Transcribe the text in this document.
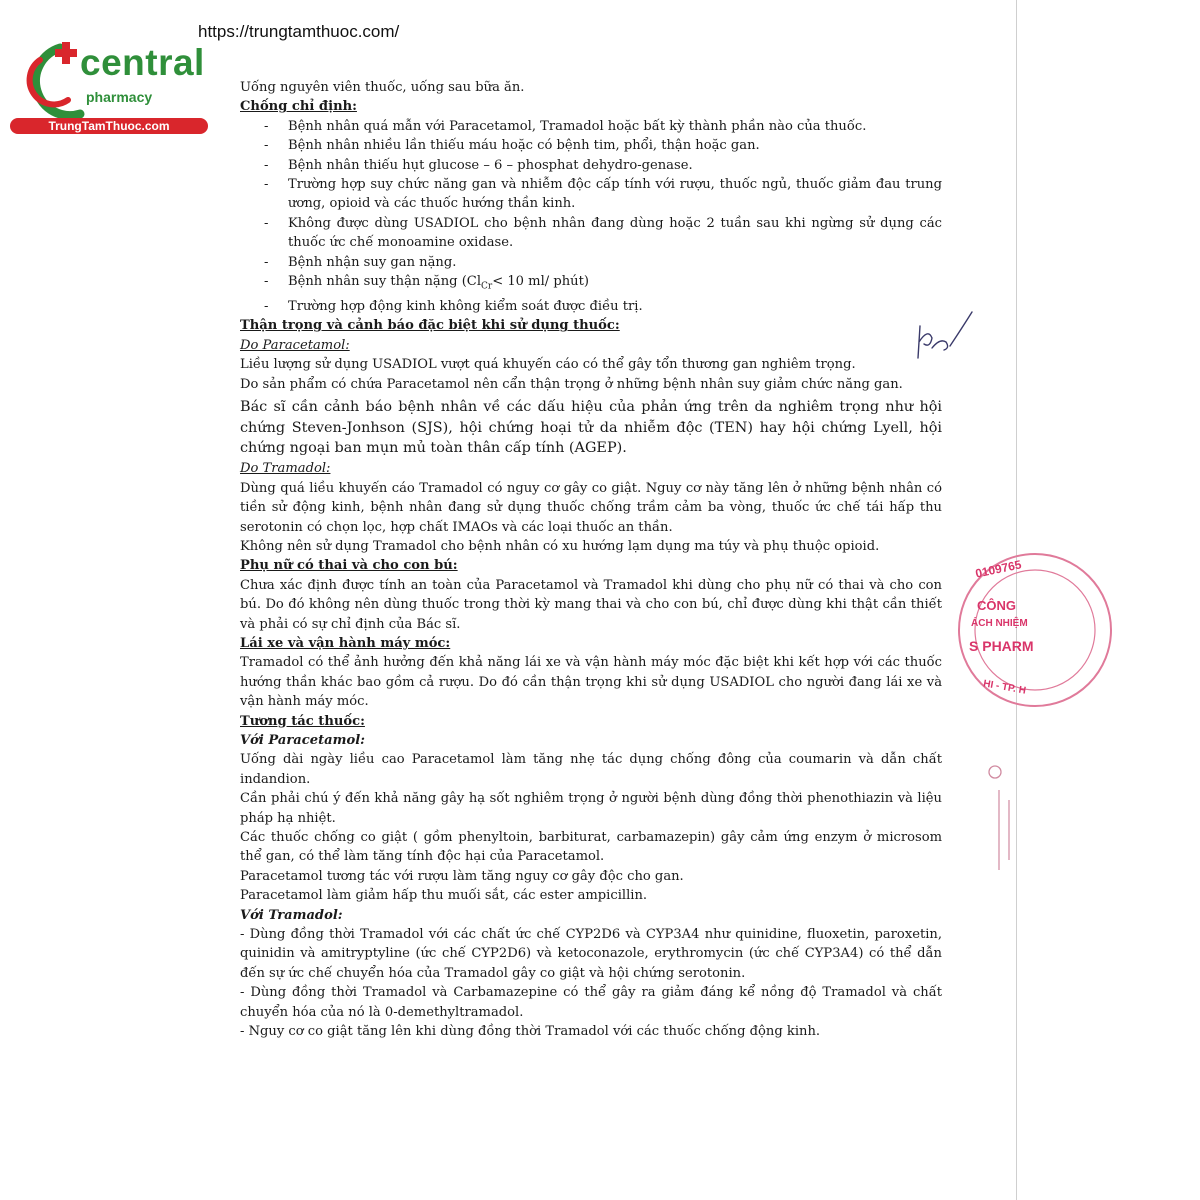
https://trungtamthuoc.com/
central
pharmacy
TrungTamThuoc.com

Uống nguyên viên thuốc, uống sau bữa ăn.

Chống chỉ định:

- Bệnh nhân quá mẫn với Paracetamol, Tramadol hoặc bất kỳ thành phần nào của thuốc.
- Bệnh nhân nhiều lần thiếu máu hoặc có bệnh tim, phổi, thận hoặc gan.
- Bệnh nhân thiếu hụt glucose – 6 – phosphat dehydro-genase.
- Trường hợp suy chức năng gan và nhiễm độc cấp tính với rượu, thuốc ngủ, thuốc giảm đau trung ương, opioid và các thuốc hướng thần kinh.
- Không được dùng USADIOL cho bệnh nhân đang dùng hoặc 2 tuần sau khi ngừng sử dụng các thuốc ức chế monoamine oxidase.
- Bệnh nhận suy gan nặng.
- Bệnh nhân suy thận nặng ($Cl_{Cr}< 10$ ml/ phút)
- Trường hợp động kinh không kiểm soát được điều trị.

Thận trọng và cảnh báo đặc biệt khi sử dụng thuốc:

Do Paracetamol:

Liều lượng sử dụng USADIOL vượt quá khuyến cáo có thể gây tổn thương gan nghiêm trọng.

Do sản phẩm có chứa Paracetamol nên cẩn thận trọng ở những bệnh nhân suy giảm chức năng gan.

Bác sĩ cần cảnh báo bệnh nhân về các dấu hiệu của phản ứng trên da nghiêm trọng như hội chứng Steven-Jonhson (SJS), hội chứng hoại tử da nhiễm độc (TEN) hay hội chứng Lyell, hội chứng ngoại ban mụn mủ toàn thân cấp tính (AGEP).

Do Tramadol:

Dùng quá liều khuyến cáo Tramadol có nguy cơ gây co giật. Nguy cơ này tăng lên ở những bệnh nhân có tiền sử động kinh, bệnh nhân đang sử dụng thuốc chống trầm cảm ba vòng, thuốc ức chế tái hấp thu serotonin có chọn lọc, hợp chất IMAOs và các loại thuốc an thần.

Không nên sử dụng Tramadol cho bệnh nhân có xu hướng lạm dụng ma túy và phụ thuộc opioid.

Phụ nữ có thai và cho con bú:

Chưa xác định được tính an toàn của Paracetamol và Tramadol khi dùng cho phụ nữ có thai và cho con bú. Do đó không nên dùng thuốc trong thời kỳ mang thai và cho con bú, chỉ được dùng khi thật cần thiết và phải có sự chỉ định của Bác sĩ.

Lái xe và vận hành máy móc:

Tramadol có thể ảnh hưởng đến khả năng lái xe và vận hành máy móc đặc biệt khi kết hợp với các thuốc hướng thần khác bao gồm cả rượu. Do đó cần thận trọng khi sử dụng USADIOL cho người đang lái xe và vận hành máy móc.

Tương tác thuốc:

Với Paracetamol:

Uống dài ngày liều cao Paracetamol làm tăng nhẹ tác dụng chống đông của coumarin và dẫn chất indandion.

Cần phải chú ý đến khả năng gây hạ sốt nghiêm trọng ở người bệnh dùng đồng thời phenothiazin và liệu pháp hạ nhiệt.

Các thuốc chống co giật ( gồm phenyltoin, barbiturat, carbamazepin) gây cảm ứng enzym ở microsom thể gan, có thể làm tăng tính độc hại của Paracetamol.

Paracetamol tương tác với rượu làm tăng nguy cơ gây độc cho gan.

Paracetamol làm giảm hấp thu muối sắt, các ester ampicillin.

Với Tramadol:

- Dùng đồng thời Tramadol với các chất ức chế CYP2D6 và CYP3A4 như quinidine, fluoxetin, paroxetin, quinidin và amitryptyline (ức chế CYP2D6) và ketoconazole, erythromycin (ức chế CYP3A4) có thể dẫn đến sự ức chế chuyển hóa của Tramadol gây co giật và hội chứng serotonin.

- Dùng đồng thời Tramadol và Carbamazepine có thể gây ra giảm đáng kể nồng độ Tramadol và chất chuyển hóa của nó là 0-demethyltramadol.

- Nguy cơ co giật tăng lên khi dùng đồng thời Tramadol với các thuốc chống động kinh.

0109765
CÔNG
ÁCH NHIỆM
S PHARM
HI - TP. H
